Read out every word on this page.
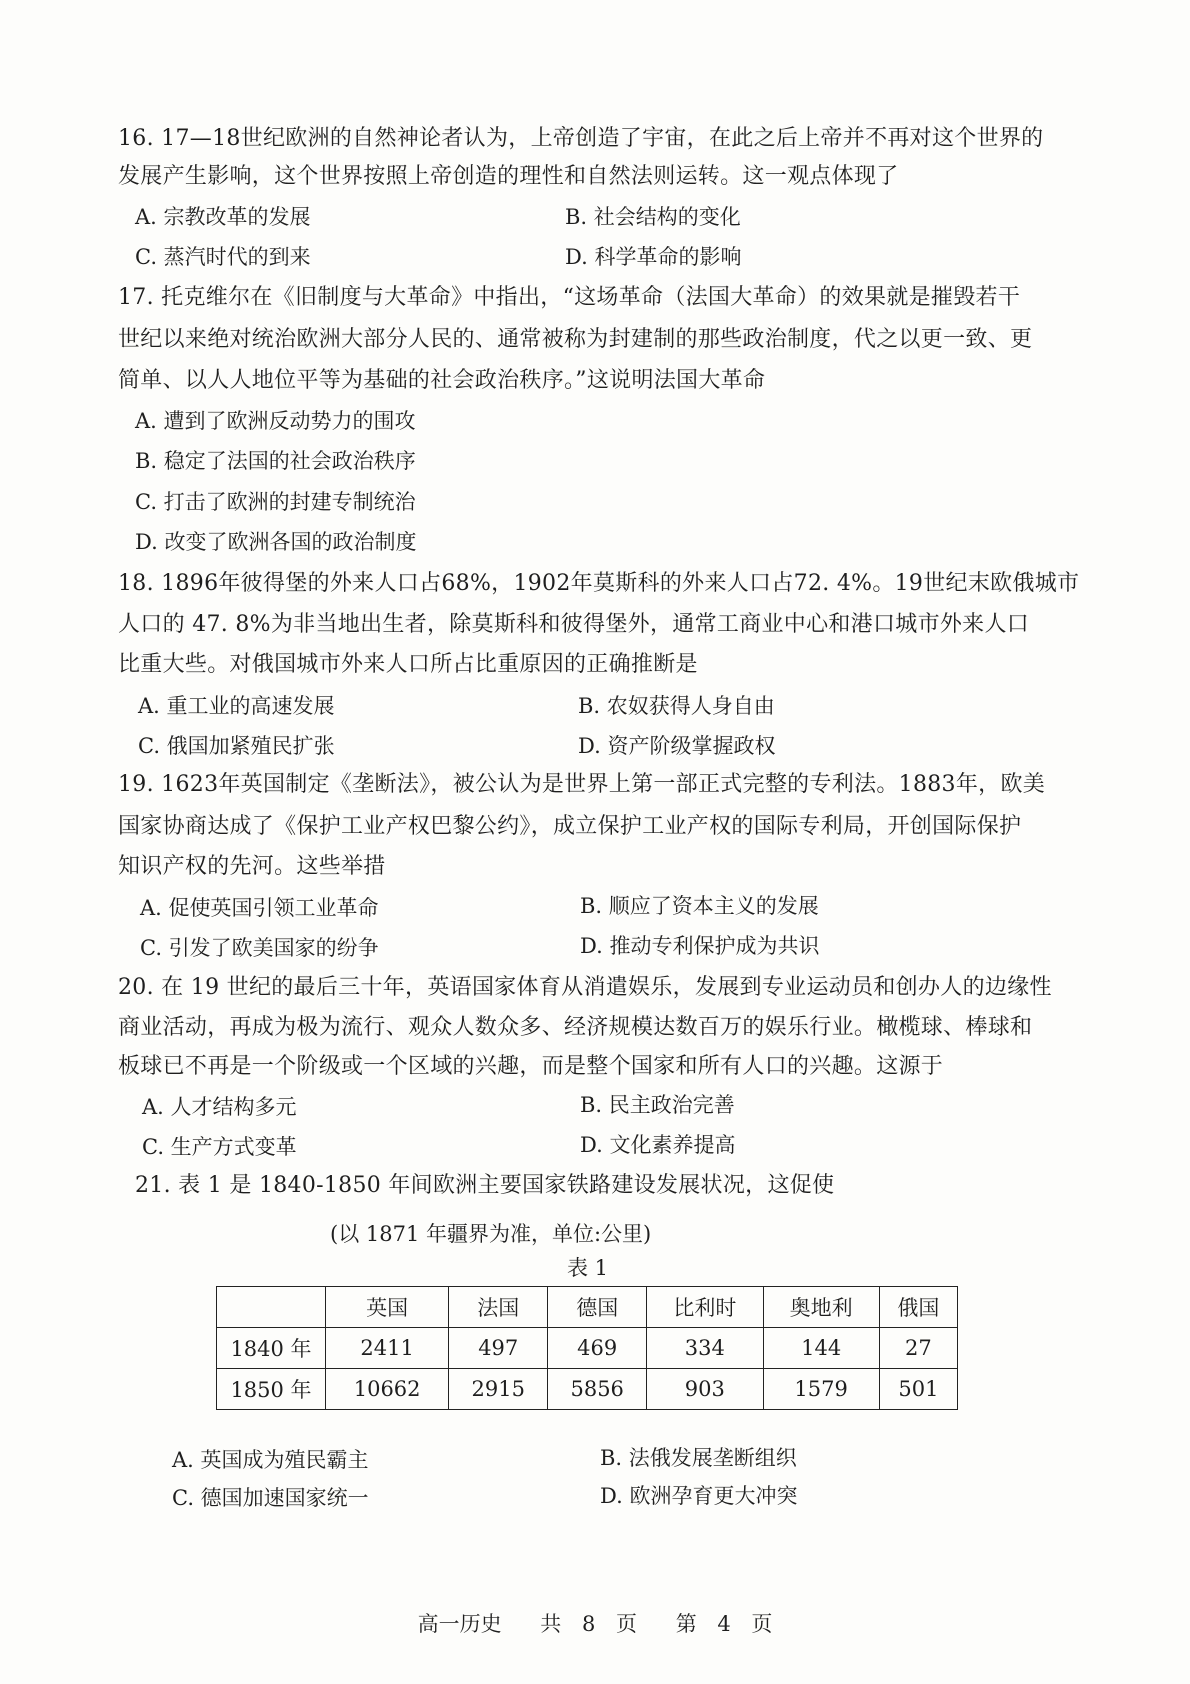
16. 17—18世纪欧洲的自然神论者认为，上帝创造了宇宙，在此之后上帝并不再对这个世界的
发展产生影响，这个世界按照上帝创造的理性和自然法则运转。这一观点体现了
A. 宗教改革的发展	B. 社会结构的变化
C. 蒸汽时代的到来	D. 科学革命的影响
17. 托克维尔在《旧制度与大革命》中指出，“这场革命（法国大革命）的效果就是摧毁若干
世纪以来绝对统治欧洲大部分人民的、通常被称为封建制的那些政治制度，代之以更一致、更
简单、以人人地位平等为基础的社会政治秩序。”这说明法国大革命
A. 遭到了欧洲反动势力的围攻
B. 稳定了法国的社会政治秩序
C. 打击了欧洲的封建专制统治
D. 改变了欧洲各国的政治制度
18. 1896年彼得堡的外来人口占68%，1902年莫斯科的外来人口占72. 4%。19世纪末欧俄城市
人口的 47. 8%为非当地出生者，除莫斯科和彼得堡外，通常工商业中心和港口城市外来人口
比重大些。对俄国城市外来人口所占比重原因的正确推断是
A. 重工业的高速发展	B. 农奴获得人身自由
C. 俄国加紧殖民扩张	D. 资产阶级掌握政权
19. 1623年英国制定《垄断法》，被公认为是世界上第一部正式完整的专利法。1883年，欧美
国家协商达成了《保护工业产权巴黎公约》，成立保护工业产权的国际专利局，开创国际保护
知识产权的先河。这些举措
A. 促使英国引领工业革命	B. 顺应了资本主义的发展
C. 引发了欧美国家的纷争	D. 推动专利保护成为共识
20. 在 19 世纪的最后三十年，英语国家体育从消遣娱乐，发展到专业运动员和创办人的边缘性
商业活动，再成为极为流行、观众人数众多、经济规模达数百万的娱乐行业。橄榄球、棒球和
板球已不再是一个阶级或一个区域的兴趣，而是整个国家和所有人口的兴趣。这源于
A. 人才结构多元	B. 民主政治完善
C. 生产方式变革	D. 文化素养提高
21. 表 1 是 1840-1850 年间欧洲主要国家铁路建设发展状况，这促使
(以 1871 年疆界为准，单位:公里)
表 1
	英国	法国	德国	比利时	奥地利	俄国
1840 年	2411	497	469	334	144	27
1850 年	10662	2915	5856	903	1579	501
A. 英国成为殖民霸主	B. 法俄发展垄断组织
C. 德国加速国家统一	D. 欧洲孕育更大冲突
高一历史 共 8 页 第 4 页
